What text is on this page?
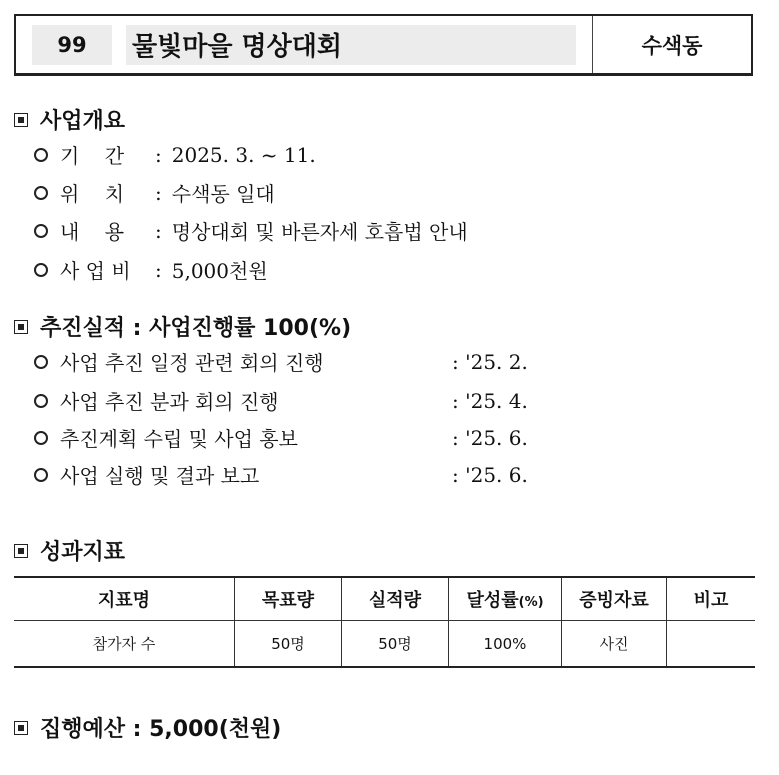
99	물빛마을 명상대회	수색동
사업개요
기    간	: 2025. 3. ~ 11.
위    치	: 수색동 일대
내    용	: 명상대회 및 바른자세 호흡법 안내
사 업 비	: 5,000천원
추진실적 : 사업진행률 100(%)
사업 추진 일정 관련 회의 진행	: '25. 2.
사업 추진 분과 회의 진행	: '25. 4.
추진계획 수립 및 사업 홍보	: '25. 6.
사업 실행 및 결과 보고	: '25. 6.
성과지표
지표명	목표량	실적량	달성률(%)	증빙자료	비고
참가자 수	50명	50명	100%	사진	
집행예산 : 5,000(천원)
